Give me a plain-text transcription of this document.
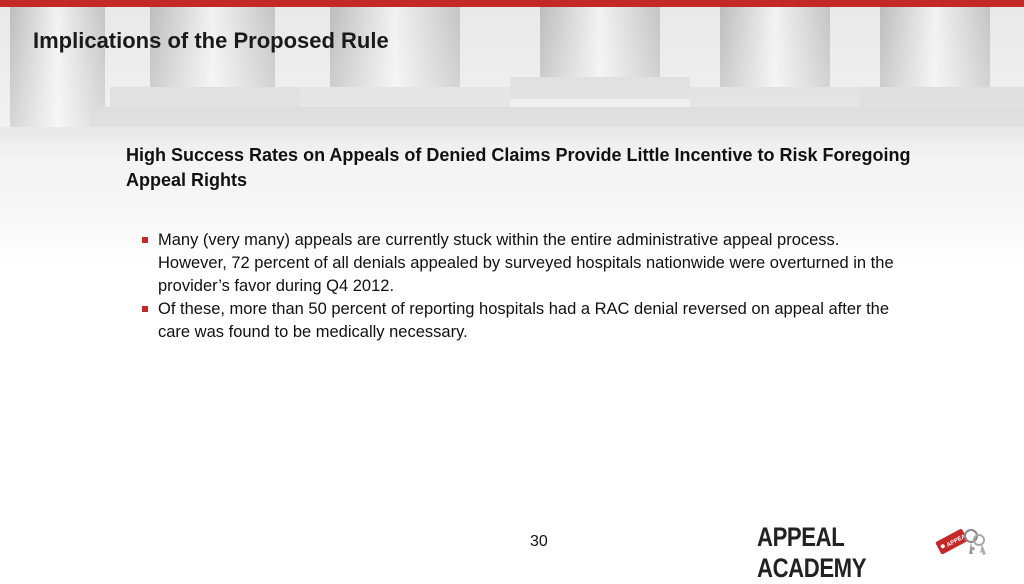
Implications of the Proposed Rule
High Success Rates on Appeals of Denied Claims Provide Little Incentive to Risk Foregoing Appeal Rights
Many (very many) appeals are currently stuck within the entire administrative appeal process. However, 72 percent of all denials appealed by surveyed hospitals nationwide were overturned in the provider’s favor during Q4 2012.
Of these, more than 50 percent of reporting hospitals had a RAC denial reversed on appeal after the care was found to be medically necessary.
30	APPEAL ACADEMY
APPEAL
